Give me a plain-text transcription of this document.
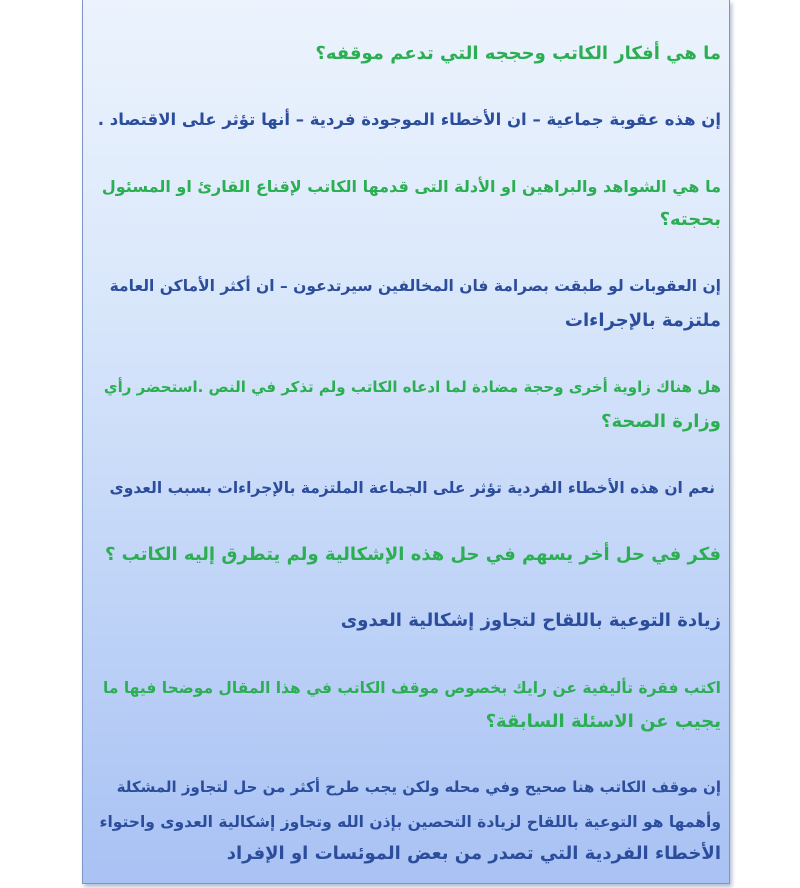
ما هي أفكار الكاتب وحججه التي تدعم موقفه؟

إن هذه عقوبة جماعية – ان الأخطاء الموجودة فردية – أنها تؤثر على الاقتصاد .

ما هي الشواهد والبراهين او الأدلة التى قدمها الكاتب لإقناع القارئ او المسئول

بحجته؟

إن العقوبات لو طبقت بصرامة فان المخالفين سيرتدعون – ان أكثر الأماكن العامة

ملتزمة بالإجراءات

هل هناك زاوية أخرى وحجة مضادة لما ادعاه الكاتب ولم تذكر في النص .استحضر رأي

وزارة الصحة؟

نعم ان هذه الأخطاء الفردية تؤثر على الجماعة الملتزمة بالإجراءات بسبب العدوى

فكر في حل أخر يسهم في حل هذه الإشكالية ولم يتطرق إليه الكاتب ؟

زيادة التوعية باللقاح لتجاوز إشكالية العدوى

اكتب فقرة تأليفية عن رايك بخصوص موقف الكاتب في هذا المقال موضحا فيها ما

يجيب عن الاسئلة السابقة؟

إن موقف الكاتب هنا صحيح وفي محله ولكن يجب طرح أكثر من حل لتجاوز المشكلة

وأهمها هو التوعية باللقاح لزيادة التحصين بإذن الله وتجاوز إشكالية العدوى واحتواء

الأخطاء الفردية التي تصدر من بعض الموئسات او الإفراد
